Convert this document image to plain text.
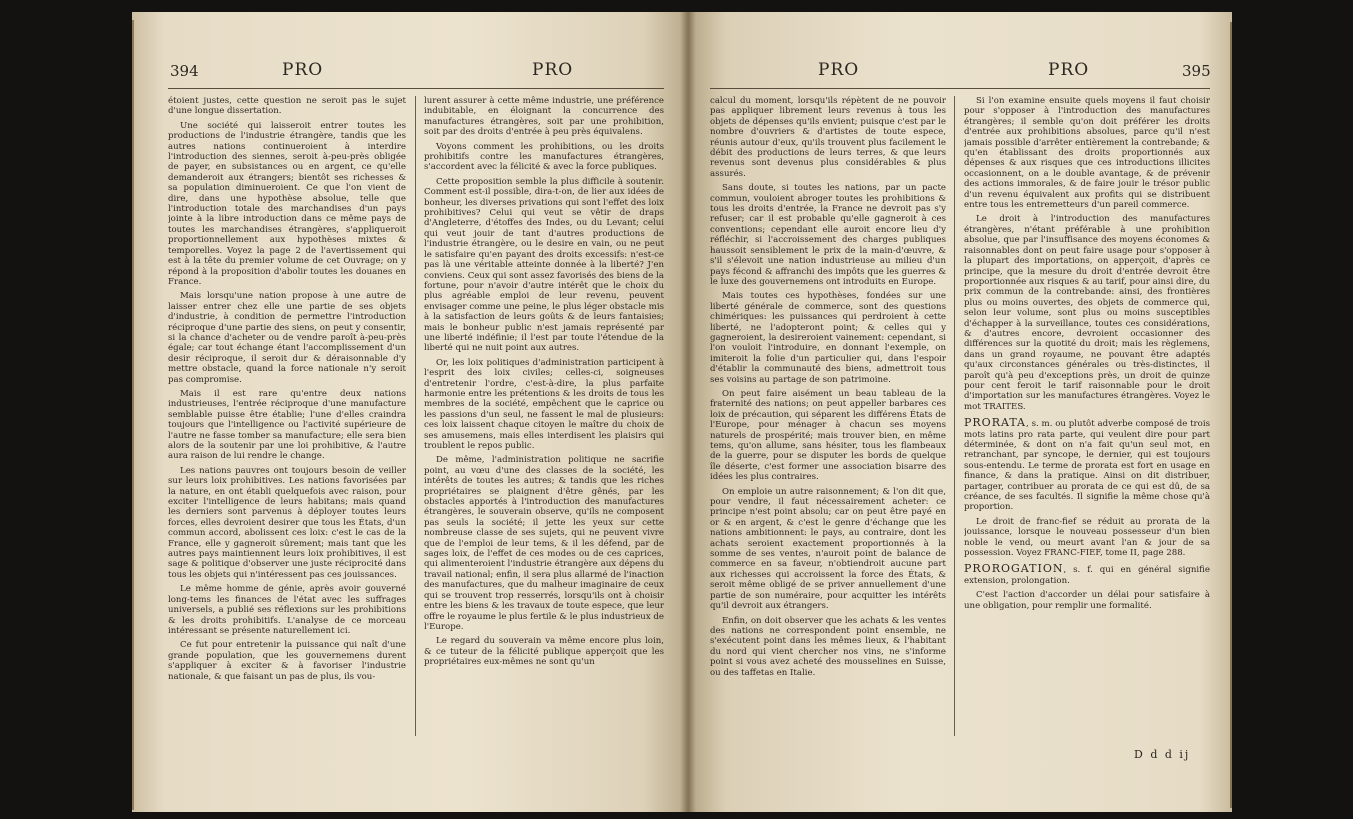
394	PRO	PRO

étoient justes, cette question ne seroit pas le sujet d'une longue dissertation.

Une société qui laisseroit entrer toutes les productions de l'industrie étrangère, tandis que les autres nations continueroient à interdire l'introduction des siennes, seroit à-peu-près obligée de payer, en subsistances ou en argent, ce qu'elle demanderoit aux étrangers; bientôt ses richesses & sa population diminueroient. Ce que l'on vient de dire, dans une hypothèse absolue, telle que l'introduction totale des marchandises d'un pays jointe à la libre introduction dans ce même pays de toutes les marchandises étrangères, s'appliqueroit proportionnellement aux hypothèses mixtes & temporelles. Voyez la page 2 de l'avertissement qui est à la tête du premier volume de cet Ouvrage; on y répond à la proposition d'abolir toutes les douanes en France.

Mais lorsqu'une nation propose à une autre de laisser entrer chez elle une partie de ses objets d'industrie, à condition de permettre l'introduction réciproque d'une partie des siens, on peut y consentir, si la chance d'acheter ou de vendre paroît à-peu-près égale; car tout échange étant l'accomplissement d'un desir réciproque, il seroit dur & déraisonnable d'y mettre obstacle, quand la force nationale n'y seroit pas compromise.

Mais il est rare qu'entre deux nations industrieuses, l'entrée réciproque d'une manufacture semblable puisse être établie; l'une d'elles craindra toujours que l'intelligence ou l'activité supérieure de l'autre ne fasse tomber sa manufacture; elle sera bien alors de la soutenir par une loi prohibitive, & l'autre aura raison de lui rendre le change.

Les nations pauvres ont toujours besoin de veiller sur leurs loix prohibitives. Les nations favorisées par la nature, en ont établi quelquefois avec raison, pour exciter l'intelligence de leurs habitans; mais quand les derniers sont parvenus à déployer toutes leurs forces, elles devroient desirer que tous les États, d'un commun accord, abolissent ces loix: c'est le cas de la France, elle y gagneroit sûrement; mais tant que les autres pays maintiennent leurs loix prohibitives, il est sage & politique d'observer une juste réciprocité dans tous les objets qui n'intéressent pas ces jouissances.

Le même homme de génie, après avoir gouverné long-tems les finances de l'état avec les suffrages universels, a publié ses réflexions sur les prohibitions & les droits prohibitifs. L'analyse de ce morceau intéressant se présente naturellement ici.

Ce fut pour entretenir la puissance qui naît d'une grande population, que les gouvernemens durent s'appliquer à exciter & à favoriser l'industrie nationale, & que faisant un pas de plus, ils vou-

lurent assurer à cette même industrie, une préférence indubitable, en éloignant la concurrence des manufactures étrangères, soit par une prohibition, soit par des droits d'entrée à peu près équivalens.

Voyons comment les prohibitions, ou les droits prohibitifs contre les manufactures étrangères, s'accordent avec la félicité & avec la force publiques.

Cette proposition semble la plus difficile à soutenir. Comment est-il possible, dira-t-on, de lier aux idées de bonheur, les diverses privations qui sont l'effet des loix prohibitives? Celui qui veut se vêtir de draps d'Angleterre, d'étoffes des Indes, ou du Levant; celui qui veut jouir de tant d'autres productions de l'industrie étrangère, ou le desire en vain, ou ne peut le satisfaire qu'en payant des droits excessifs: n'est-ce pas là une véritable atteinte donnée à la liberté? J'en conviens. Ceux qui sont assez favorisés des biens de la fortune, pour n'avoir d'autre intérêt que le choix du plus agréable emploi de leur revenu, peuvent envisager comme une peine, le plus léger obstacle mis à la satisfaction de leurs goûts & de leurs fantaisies; mais le bonheur public n'est jamais représenté par une liberté indéfinie; il l'est par toute l'étendue de la liberté qui ne nuit point aux autres.

Or, les loix politiques d'administration participent à l'esprit des loix civiles; celles-ci, soigneuses d'entretenir l'ordre, c'est-à-dire, la plus parfaite harmonie entre les prétentions & les droits de tous les membres de la société, empêchent que le caprice ou les passions d'un seul, ne fassent le mal de plusieurs: ces loix laissent chaque citoyen le maître du choix de ses amusemens, mais elles interdisent les plaisirs qui troublent le repos public.

De même, l'administration politique ne sacrifie point, au vœu d'une des classes de la société, les intérêts de toutes les autres; & tandis que les riches propriétaires se plaignent d'être gênés, par les obstacles apportés à l'introduction des manufactures étrangères, le souverain observe, qu'ils ne composent pas seuls la société; il jette les yeux sur cette nombreuse classe de ses sujets, qui ne peuvent vivre que de l'emploi de leur tems, & il les défend, par de sages loix, de l'effet de ces modes ou de ces caprices, qui alimenteroient l'industrie étrangère aux dépens du travail national; enfin, il sera plus allarmé de l'inaction des manufactures, que du malheur imaginaire de ceux qui se trouvent trop resserrés, lorsqu'ils ont à choisir entre les biens & les travaux de toute espece, que leur offre le royaume le plus fertile & le plus industrieux de l'Europe.

Le regard du souverain va même encore plus loin, & ce tuteur de la félicité publique apperçoit que les propriétaires eux-mêmes ne sont qu'un

PRO	PRO	395

calcul du moment, lorsqu'ils répètent de ne pouvoir pas appliquer librement leurs revenus à tous les objets de dépenses qu'ils envient; puisque c'est par le nombre d'ouvriers & d'artistes de toute espece, réunis autour d'eux, qu'ils trouvent plus facilement le débit des productions de leurs terres, & que leurs revenus sont devenus plus considérables & plus assurés.

Sans doute, si toutes les nations, par un pacte commun, vouloient abroger toutes les prohibitions & tous les droits d'entrée, la France ne devroit pas s'y refuser; car il est probable qu'elle gagneroit à ces conventions; cependant elle auroit encore lieu d'y réfléchir, si l'accroissement des charges publiques haussoit sensiblement le prix de la main-d'œuvre, & s'il s'élevoit une nation industrieuse au milieu d'un pays fécond & affranchi des impôts que les guerres & le luxe des gouvernemens ont introduits en Europe.

Mais toutes ces hypothèses, fondées sur une liberté générale de commerce, sont des questions chimériques: les puissances qui perdroient à cette liberté, ne l'adopteront point; & celles qui y gagneroient, la desireroient vainement: cependant, si l'on vouloit l'introduire, en donnant l'exemple, on imiteroit la folie d'un particulier qui, dans l'espoir d'établir la communauté des biens, admettroit tous ses voisins au partage de son patrimoine.

On peut faire aisément un beau tableau de la fraternité des nations; on peut appeller barbares ces loix de précaution, qui séparent les différens États de l'Europe, pour ménager à chacun ses moyens naturels de prospérité; mais trouver bien, en même tems, qu'on allume, sans hésiter, tous les flambeaux de la guerre, pour se disputer les bords de quelque île déserte, c'est former une association bisarre des idées les plus contraires.

On emploie un autre raisonnement; & l'on dit que, pour vendre, il faut nécessairement acheter: ce principe n'est point absolu; car on peut être payé en or & en argent, & c'est le genre d'échange que les nations ambitionnent: le pays, au contraire, dont les achats seroient exactement proportionnés à la somme de ses ventes, n'auroit point de balance de commerce en sa faveur, n'obtiendroit aucune part aux richesses qui accroissent la force des États, & seroit même obligé de se priver annuellement d'une partie de son numéraire, pour acquitter les intérêts qu'il devroit aux étrangers.

Enfin, on doit observer que les achats & les ventes des nations ne correspondent point ensemble, ne s'exécutent point dans les mêmes lieux, & l'habitant du nord qui vient chercher nos vins, ne s'informe point si vous avez acheté des mousselines en Suisse, ou des taffetas en Italie.

Si l'on examine ensuite quels moyens il faut choisir pour s'opposer à l'introduction des manufactures étrangères; il semble qu'on doit préférer les droits d'entrée aux prohibitions absolues, parce qu'il n'est jamais possible d'arrêter entièrement la contrebande; & qu'en établissant des droits proportionnés aux dépenses & aux risques que ces introductions illicites occasionnent, on a le double avantage, & de prévenir des actions immorales, & de faire jouir le trésor public d'un revenu équivalent aux profits qui se distribuent entre tous les entremetteurs d'un pareil commerce.

Le droit à l'introduction des manufactures étrangères, n'étant préférable à une prohibition absolue, que par l'insuffisance des moyens économes & raisonnables dont on peut faire usage pour s'opposer à la plupart des importations, on apperçoit, d'après ce principe, que la mesure du droit d'entrée devroit être proportionnée aux risques & au tarif, pour ainsi dire, du prix commun de la contrebande: ainsi, des frontières plus ou moins ouvertes, des objets de commerce qui, selon leur volume, sont plus ou moins susceptibles d'échapper à la surveillance, toutes ces considérations, & d'autres encore, devroient occasionner des différences sur la quotité du droit; mais les règlemens, dans un grand royaume, ne pouvant être adaptés qu'aux circonstances générales ou très-distinctes, il paroît qu'à peu d'exceptions près, un droit de quinze pour cent feroit le tarif raisonnable pour le droit d'importation sur les manufactures étrangères. Voyez le mot TRAITES.

PRORATA, s. m. ou plutôt adverbe composé de trois mots latins pro rata parte, qui veulent dire pour part déterminée, & dont on n'a fait qu'un seul mot, en retranchant, par syncope, le dernier, qui est toujours sous-entendu. Le terme de prorata est fort en usage en finance, & dans la pratique. Ainsi on dit distribuer, partager, contribuer au prorata de ce qui est dû, de sa créance, de ses facultés. Il signifie la même chose qu'à proportion.

Le droit de franc-fief se réduit au prorata de la jouissance, lorsque le nouveau possesseur d'un bien noble le vend, ou meurt avant l'an & jour de sa possession. Voyez FRANC-FIEF, tome II, page 288.

PROROGATION, s. f. qui en général signifie extension, prolongation.

C'est l'action d'accorder un délai pour satisfaire à une obligation, pour remplir une formalité.

D d d ij
